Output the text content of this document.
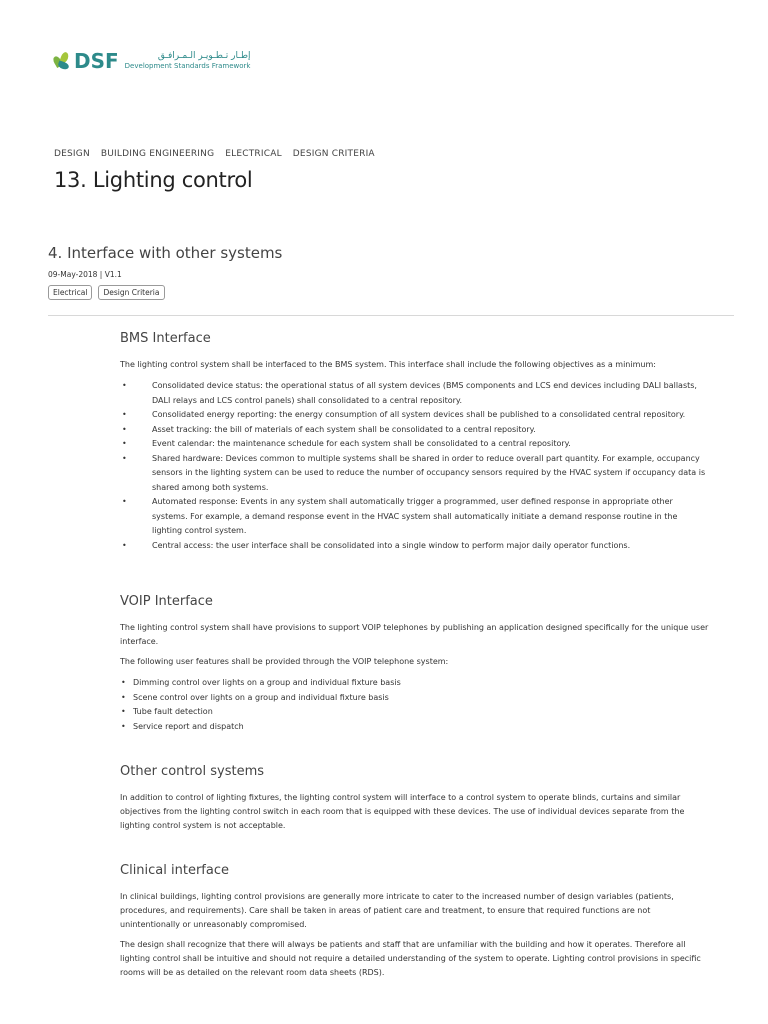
DSF	إطـار تـطـويـر الـمـرافـق
Development Standards Framework
DESIGN BUILDING ENGINEERING ELECTRICAL DESIGN CRITERIA
13. Lighting control
4. Interface with other systems
09-May-2018 | V1.1
Electrical	Design Criteria
BMS Interface

The lighting control system shall be interfaced to the BMS system. This interface shall include the following objectives as a minimum:

• Consolidated device status: the operational status of all system devices (BMS components and LCS end devices including DALI ballasts, DALI relays and LCS control panels) shall consolidated to a central repository.
• Consolidated energy reporting: the energy consumption of all system devices shall be published to a consolidated central repository.
• Asset tracking: the bill of materials of each system shall be consolidated to a central repository.
• Event calendar: the maintenance schedule for each system shall be consolidated to a central repository.
• Shared hardware: Devices common to multiple systems shall be shared in order to reduce overall part quantity. For example, occupancy sensors in the lighting system can be used to reduce the number of occupancy sensors required by the HVAC system if occupancy data is shared among both systems.
• Automated response: Events in any system shall automatically trigger a programmed, user defined response in appropriate other systems. For example, a demand response event in the HVAC system shall automatically initiate a demand response routine in the lighting control system.
• Central access: the user interface shall be consolidated into a single window to perform major daily operator functions.
VOIP Interface

The lighting control system shall have provisions to support VOIP telephones by publishing an application designed specifically for the unique user interface.

The following user features shall be provided through the VOIP telephone system:

• Dimming control over lights on a group and individual fixture basis
• Scene control over lights on a group and individual fixture basis
• Tube fault detection
• Service report and dispatch
Other control systems

In addition to control of lighting fixtures, the lighting control system will interface to a control system to operate blinds, curtains and similar objectives from the lighting control switch in each room that is equipped with these devices. The use of individual devices separate from the lighting control system is not acceptable.

Clinical interface

In clinical buildings, lighting control provisions are generally more intricate to cater to the increased number of design variables (patients, procedures, and requirements). Care shall be taken in areas of patient care and treatment, to ensure that required functions are not unintentionally or unreasonably compromised.

The design shall recognize that there will always be patients and staff that are unfamiliar with the building and how it operates. Therefore all lighting control shall be intuitive and should not require a detailed understanding of the system to operate. Lighting control provisions in specific rooms will be as detailed on the relevant room data sheets (RDS).
